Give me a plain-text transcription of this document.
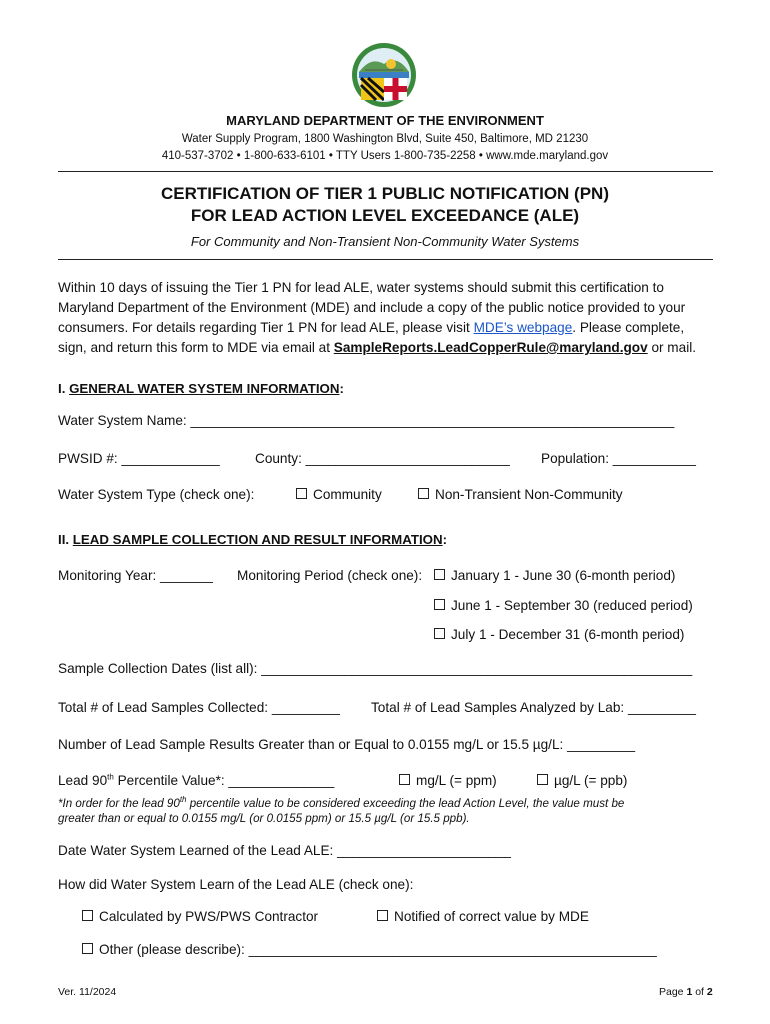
MARYLAND DEPARTMENT OF THE ENVIRONMENT
Water Supply Program, 1800 Washington Blvd, Suite 450, Baltimore, MD 21230
410-537-3702 • 1-800-633-6101 • TTY Users 1-800-735-2258 • www.mde.maryland.gov
CERTIFICATION OF TIER 1 PUBLIC NOTIFICATION (PN)
FOR LEAD ACTION LEVEL EXCEEDANCE (ALE)
For Community and Non-Transient Non-Community Water Systems
Within 10 days of issuing the Tier 1 PN for lead ALE, water systems should submit this certification to
Maryland Department of the Environment (MDE) and include a copy of the public notice provided to your
consumers. For details regarding Tier 1 PN for lead ALE, please visit MDE’s webpage. Please complete,
sign, and return this form to MDE via email at SampleReports.LeadCopperRule@maryland.gov or mail.
I. GENERAL WATER SYSTEM INFORMATION:
Water System Name: ________________________________________________________________
PWSID #: _____________	County: ___________________________ Population: ___________
Water System Type (check one):	Community	Non-Transient Non-Community
II. LEAD SAMPLE COLLECTION AND RESULT INFORMATION:
Monitoring Year: _______ Monitoring Period (check one):	January 1 - June 30 (6-month period)
June 1 - September 30 (reduced period)
July 1 - December 31 (6-month period)
Sample Collection Dates (list all): _________________________________________________________
Total # of Lead Samples Collected: _________ Total # of Lead Samples Analyzed by Lab: _________
Number of Lead Sample Results Greater than or Equal to 0.0155 mg/L or 15.5 µg/L: _________
Lead 90th Percentile Value*: ______________	mg/L (= ppm)	µg/L (= ppb)
*In order for the lead 90th percentile value to be considered exceeding the lead Action Level, the value must be
greater than or equal to 0.0155 mg/L (or 0.0155 ppm) or 15.5 µg/L (or 15.5 ppb).
Date Water System Learned of the Lead ALE: _______________________
How did Water System Learn of the Lead ALE (check one):
Calculated by PWS/PWS Contractor	Notified of correct value by MDE
Other (please describe): ______________________________________________________
Ver. 11/2024	Page 1 of 2
